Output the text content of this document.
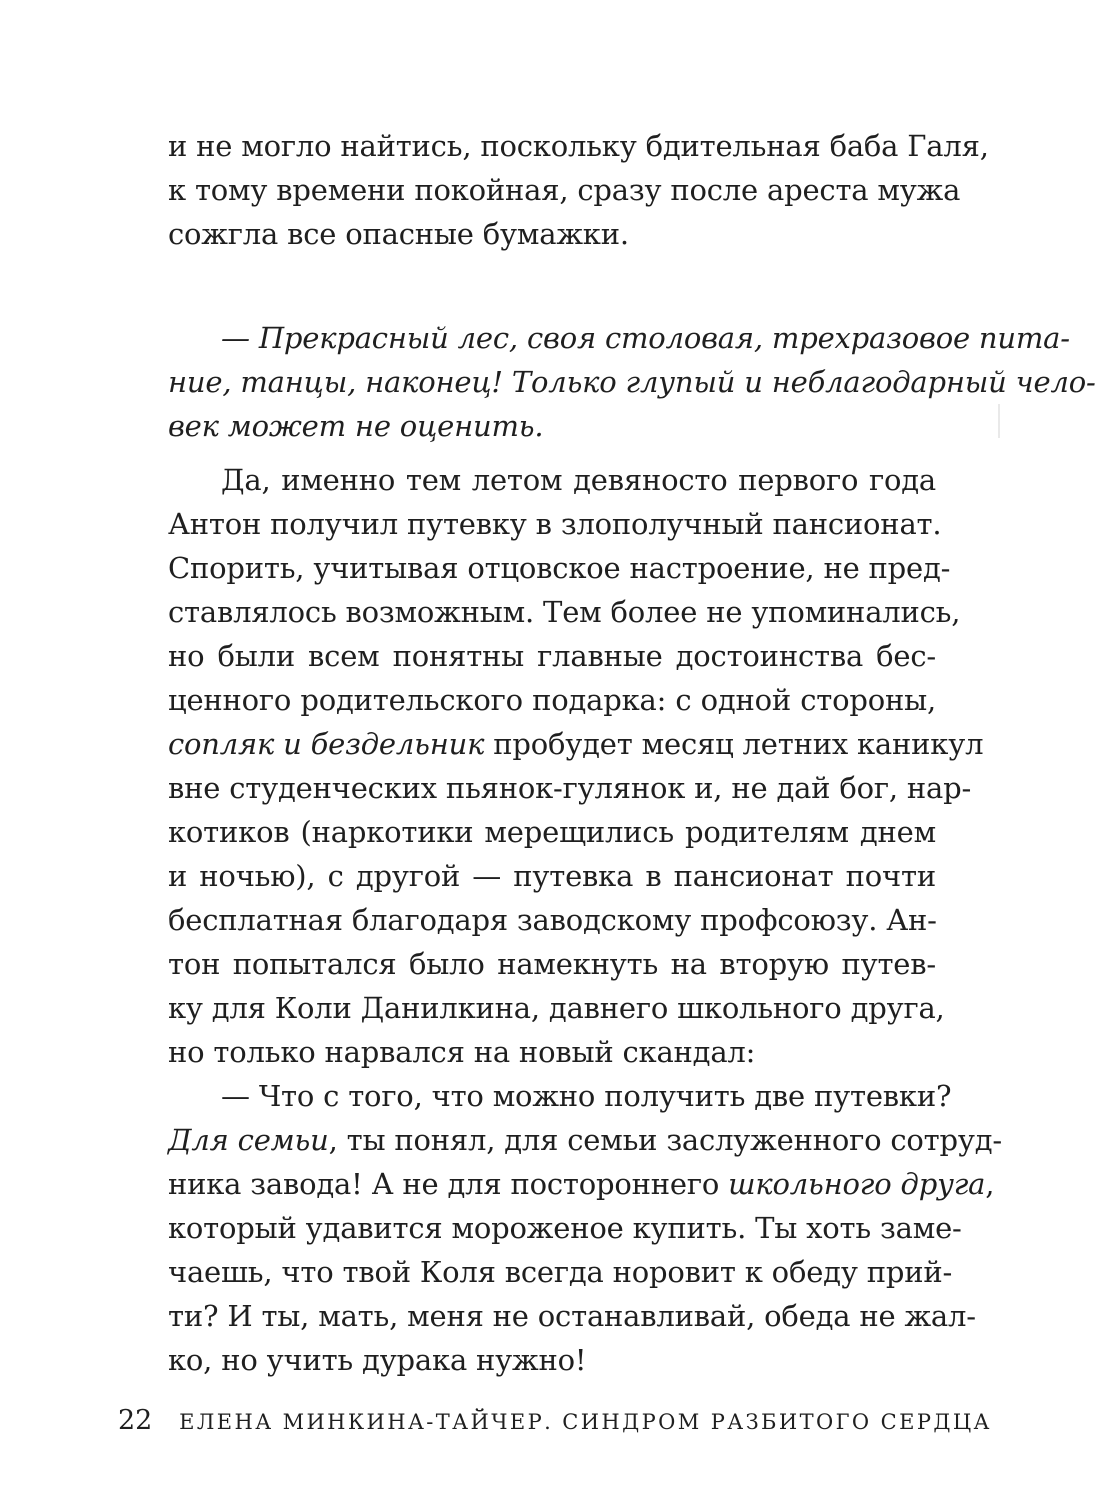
и не могло найтись, поскольку бдительная баба Галя,
к тому времени покойная, сразу после ареста мужа
сожгла все опасные бумажки.
— Прекрасный лес, своя столовая, трехразовое пита-
ние, танцы, наконец! Только глупый и неблагодарный чело-
век может не оценить.
Да, именно тем летом девяносто первого года
Антон получил путевку в злополучный пансионат.
Спорить, учитывая отцовское настроение, не пред-
ставлялось возможным. Тем более не упоминались,
но были всем понятны главные достоинства бес-
ценного родительского подарка: с одной стороны,
сопляк и бездельник пробудет месяц летних каникул
вне студенческих пьянок-гулянок и, не дай бог, нар-
котиков (наркотики мерещились родителям днем
и ночью), с другой — путевка в пансионат почти
бесплатная благодаря заводскому профсоюзу. Ан-
тон попытался было намекнуть на вторую путев-
ку для Коли Данилкина, давнего школьного друга,
но только нарвался на новый скандал:
— Что с того, что можно получить две путевки?
Для семьи, ты понял, для семьи заслуженного сотруд-
ника завода! А не для постороннего школьного друга,
который удавится мороженое купить. Ты хоть заме-
чаешь, что твой Коля всегда норовит к обеду прий-
ти? И ты, мать, меня не останавливай, обеда не жал-
ко, но учить дурака нужно!
22 ЕЛЕНА МИНКИНА-ТАЙЧЕР. СИНДРОМ РАЗБИТОГО СЕРДЦА
